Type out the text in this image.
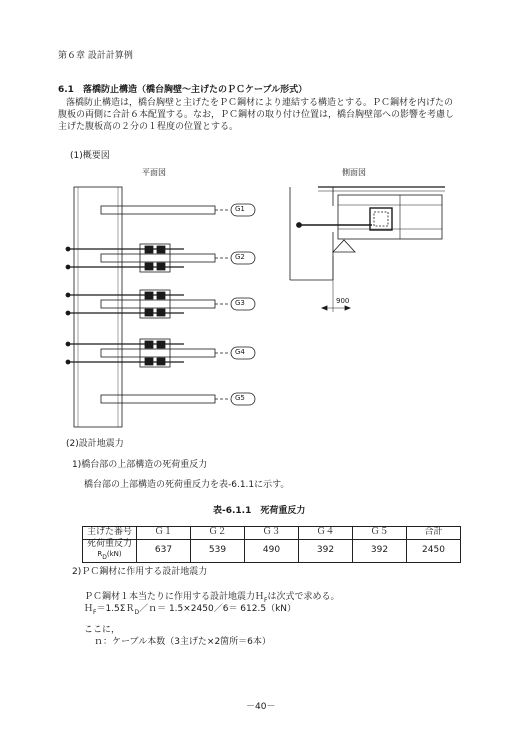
第６章 設計計算例
6.1　落橋防止構造（橋台胸壁～主げたのＰＣケーブル形式）
落橋防止構造は，橋台胸壁と主げたをＰＣ鋼材により連結する構造とする。ＰＣ鋼材を内げたの
腹板の両側に合計６本配置する。なお，ＰＣ鋼材の取り付け位置は，橋台胸壁部への影響を考慮し
主げた腹板高の２分の１程度の位置とする。
(1)概要図
平面図	側面図
G1
G2
G3
G4
G5
900
(2)設計地震力
1)橋台部の上部構造の死荷重反力
橋台部の上部構造の死荷重反力を表-6.1.1に示す。
表-6.1.1　死荷重反力
主げた番号	Ｇ１	Ｇ２	Ｇ３	Ｇ４	Ｇ５	合計
死荷重反力
$R_D(kN)$	637	539	490	392	392	2450
2)ＰＣ鋼材に作用する設計地震力
ＰＣ鋼材１本当たりに作用する設計地震力Ｈ$_F$は次式で求める。
Ｈ$_F$＝1.5ΣＲ$_D$／ｎ＝ 1.5×2450／6＝ 612.5（kN）
ここに，
ｎ：ケーブル本数（3主げた×2箇所＝6本）
－40－
